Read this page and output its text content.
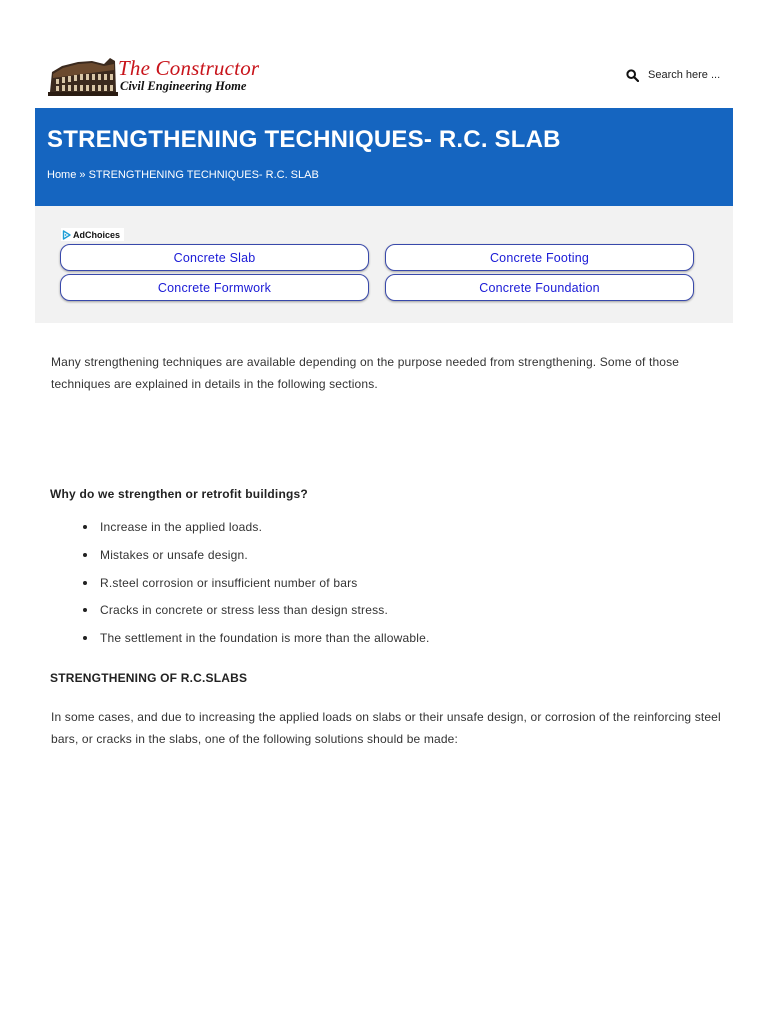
The Constructor
Civil Engineering Home
Search here ...
STRENGTHENING TECHNIQUES- R.C. SLAB
Home » STRENGTHENING TECHNIQUES- R.C. SLAB
AdChoices
Concrete Slab	Concrete Footing
Concrete Formwork	Concrete Foundation

Many strengthening techniques are available depending on the purpose needed from strengthening. Some of those techniques are explained in details in the following sections.

Why do we strengthen or retrofit buildings?
Increase in the applied loads.
Mistakes or unsafe design.
R.steel corrosion or insufficient number of bars
Cracks in concrete or stress less than design stress.
The settlement in the foundation is more than the allowable.
STRENGTHENING OF R.C.SLABS

In some cases, and due to increasing the applied loads on slabs or their unsafe design, or corrosion of the reinforcing steel bars, or cracks in the slabs, one of the following solutions should be made:
